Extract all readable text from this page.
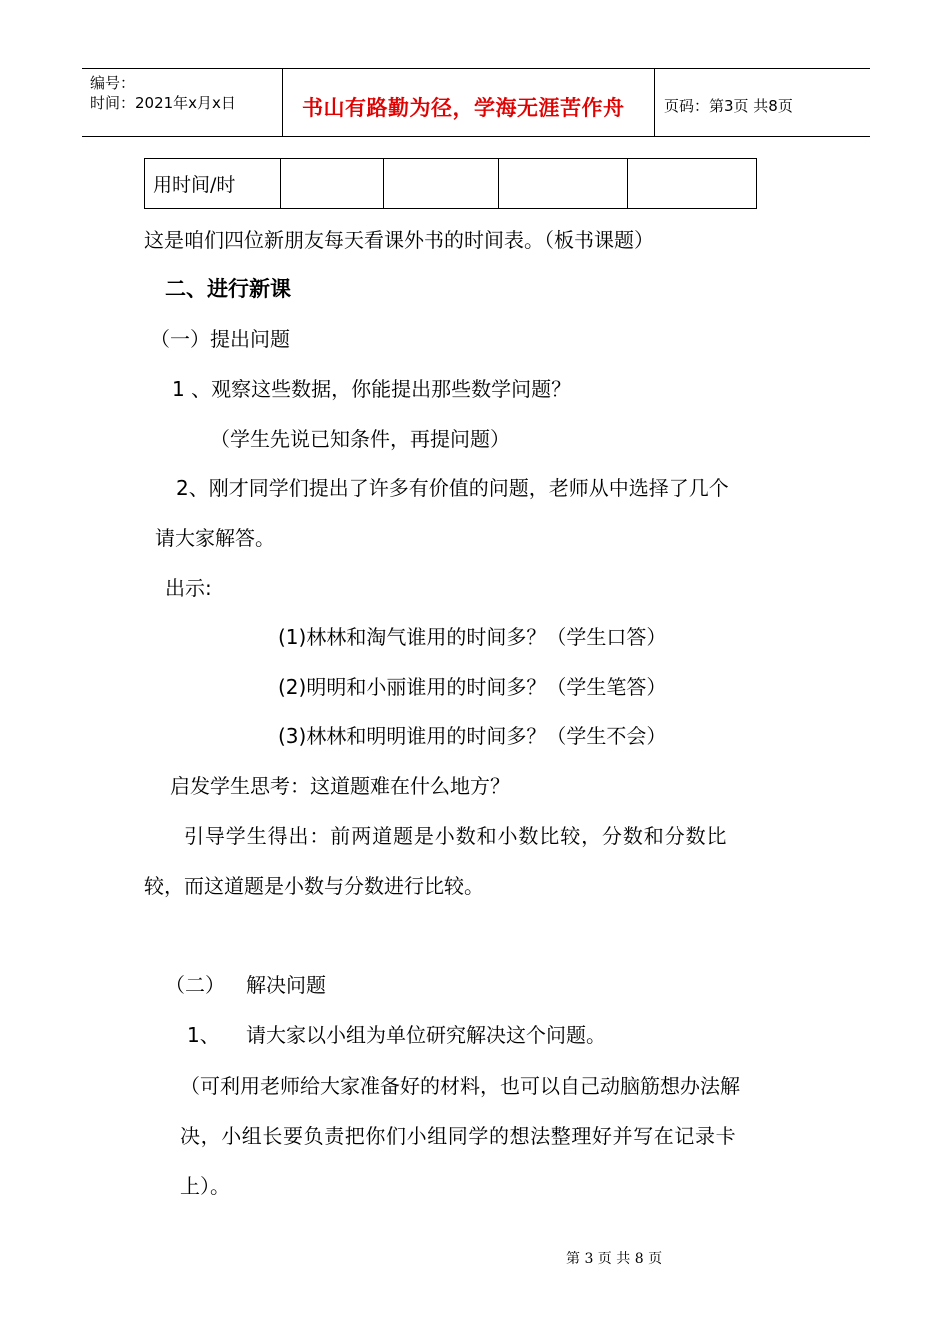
编号：
时间：2021年x月x日	书山有路勤为径，学海无涯苦作舟	页码：第3页 共8页
用时间/时				
这是咱们四位新朋友每天看课外书的时间表。（板书课题）
二、进行新课
（一）提出问题
1 、观察这些数据，你能提出那些数学问题？
（学生先说已知条件，再提问题）
2、刚才同学们提出了许多有价值的问题，老师从中选择了几个
请大家解答。
出示:
(1)林林和淘气谁用的时间多？（学生口答）
(2)明明和小丽谁用的时间多？（学生笔答）
(3)林林和明明谁用的时间多？（学生不会）
启发学生思考：这道题难在什么地方？
引导学生得出：前两道题是小数和小数比较，分数和分数比
较，而这道题是小数与分数进行比较。
（二） 解决问题
1、 请大家以小组为单位研究解决这个问题。
（可利用老师给大家准备好的材料，也可以自己动脑筋想办法解
决，小组长要负责把你们小组同学的想法整理好并写在记录卡
上）。
第 3 页 共 8 页
